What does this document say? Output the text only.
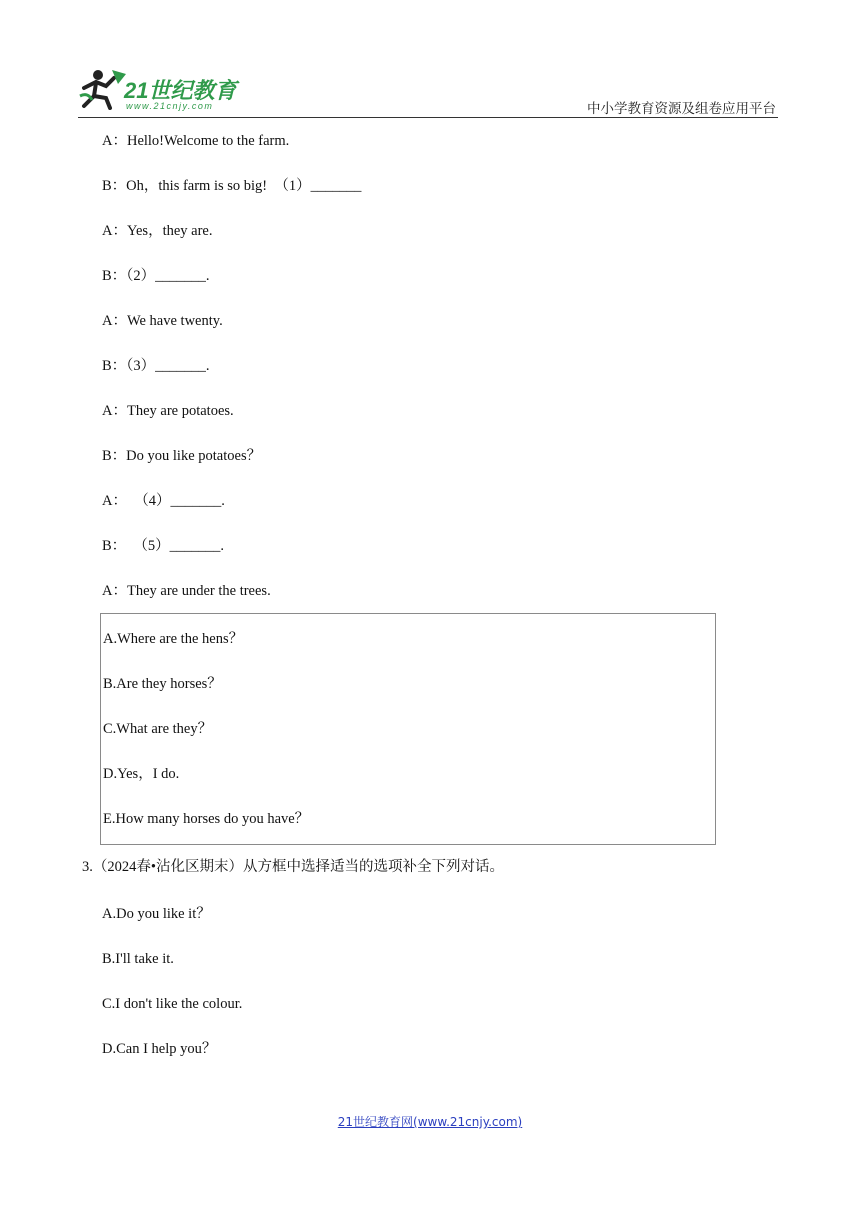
21世纪教育
www.21cnjy.com	中小学教育资源及组卷应用平台
A：Hello!Welcome to the farm.
B：Oh，this farm is so big!  （1）_______
A：Yes，they are.
B：（2）_______.
A：We have twenty.
B：（3）_______.
A：They are potatoes.
B：Do you like potatoes？
A：  （4）_______.
B：  （5）_______.
A：They are under the trees.
A.Where are the hens？
B.Are they horses？
C.What are they？
D.Yes，I do.
E.How many horses do you have？
3.（2024春•沾化区期末）从方框中选择适当的选项补全下列对话。
A.Do you like it？
B.I'll take it.
C.I don't like the colour.
D.Can I help you？
21世纪教育网(www.21cnjy.com)
